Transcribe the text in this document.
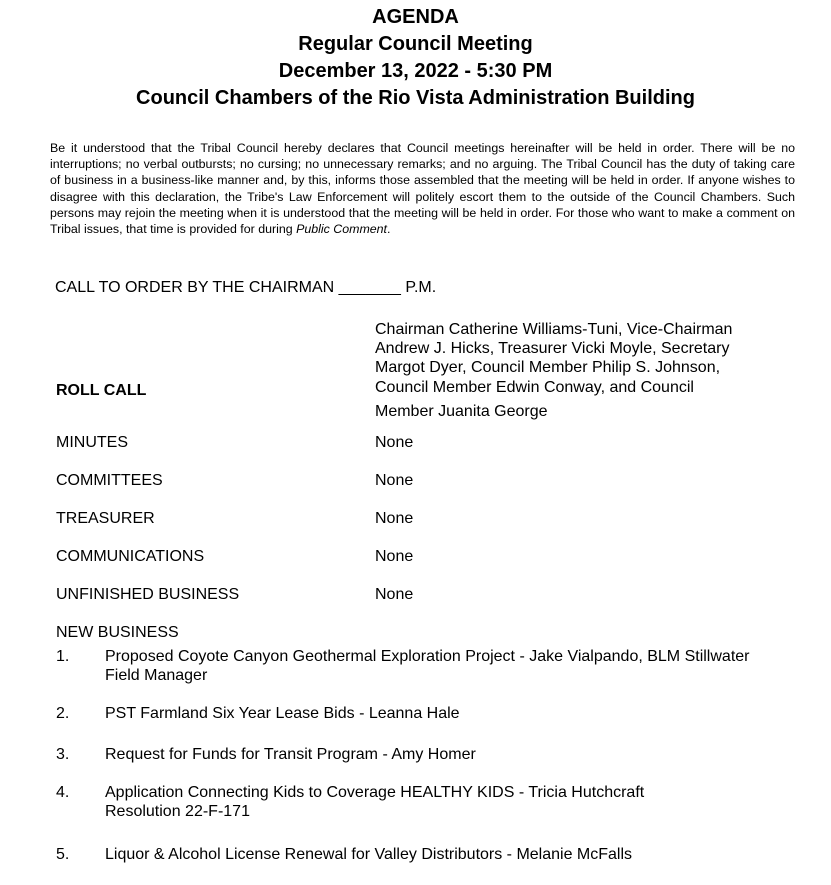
AGENDA
Regular Council Meeting
December 13, 2022 - 5:30 PM
Council Chambers of the Rio Vista Administration Building
Be it understood that the Tribal Council hereby declares that Council meetings hereinafter will be held in order. There will be no interruptions; no verbal outbursts; no cursing; no unnecessary remarks; and no arguing. The Tribal Council has the duty of taking care of business in a business-like manner and, by this, informs those assembled that the meeting will be held in order. If anyone wishes to disagree with this declaration, the Tribe's Law Enforcement will politely escort them to the outside of the Council Chambers. Such persons may rejoin the meeting when it is understood that the meeting will be held in order. For those who want to make a comment on Tribal issues, that time is provided for during Public Comment.
CALL TO ORDER BY THE CHAIRMAN _______ P.M.
ROLL CALL
Chairman Catherine Williams-Tuni, Vice-Chairman
Andrew J. Hicks, Treasurer Vicki Moyle, Secretary
Margot Dyer, Council Member Philip S. Johnson,
Council Member Edwin Conway, and Council
Member Juanita George
MINUTES	None
COMMITTEES	None
TREASURER	None
COMMUNICATIONS	None
UNFINISHED BUSINESS	None
NEW BUSINESS
1. Proposed Coyote Canyon Geothermal Exploration Project - Jake Vialpando, BLM Stillwater
Field Manager
2. PST Farmland Six Year Lease Bids - Leanna Hale
3. Request for Funds for Transit Program - Amy Homer
4. Application Connecting Kids to Coverage HEALTHY KIDS - Tricia Hutchcraft
Resolution 22-F-171
5. Liquor & Alcohol License Renewal for Valley Distributors - Melanie McFalls
